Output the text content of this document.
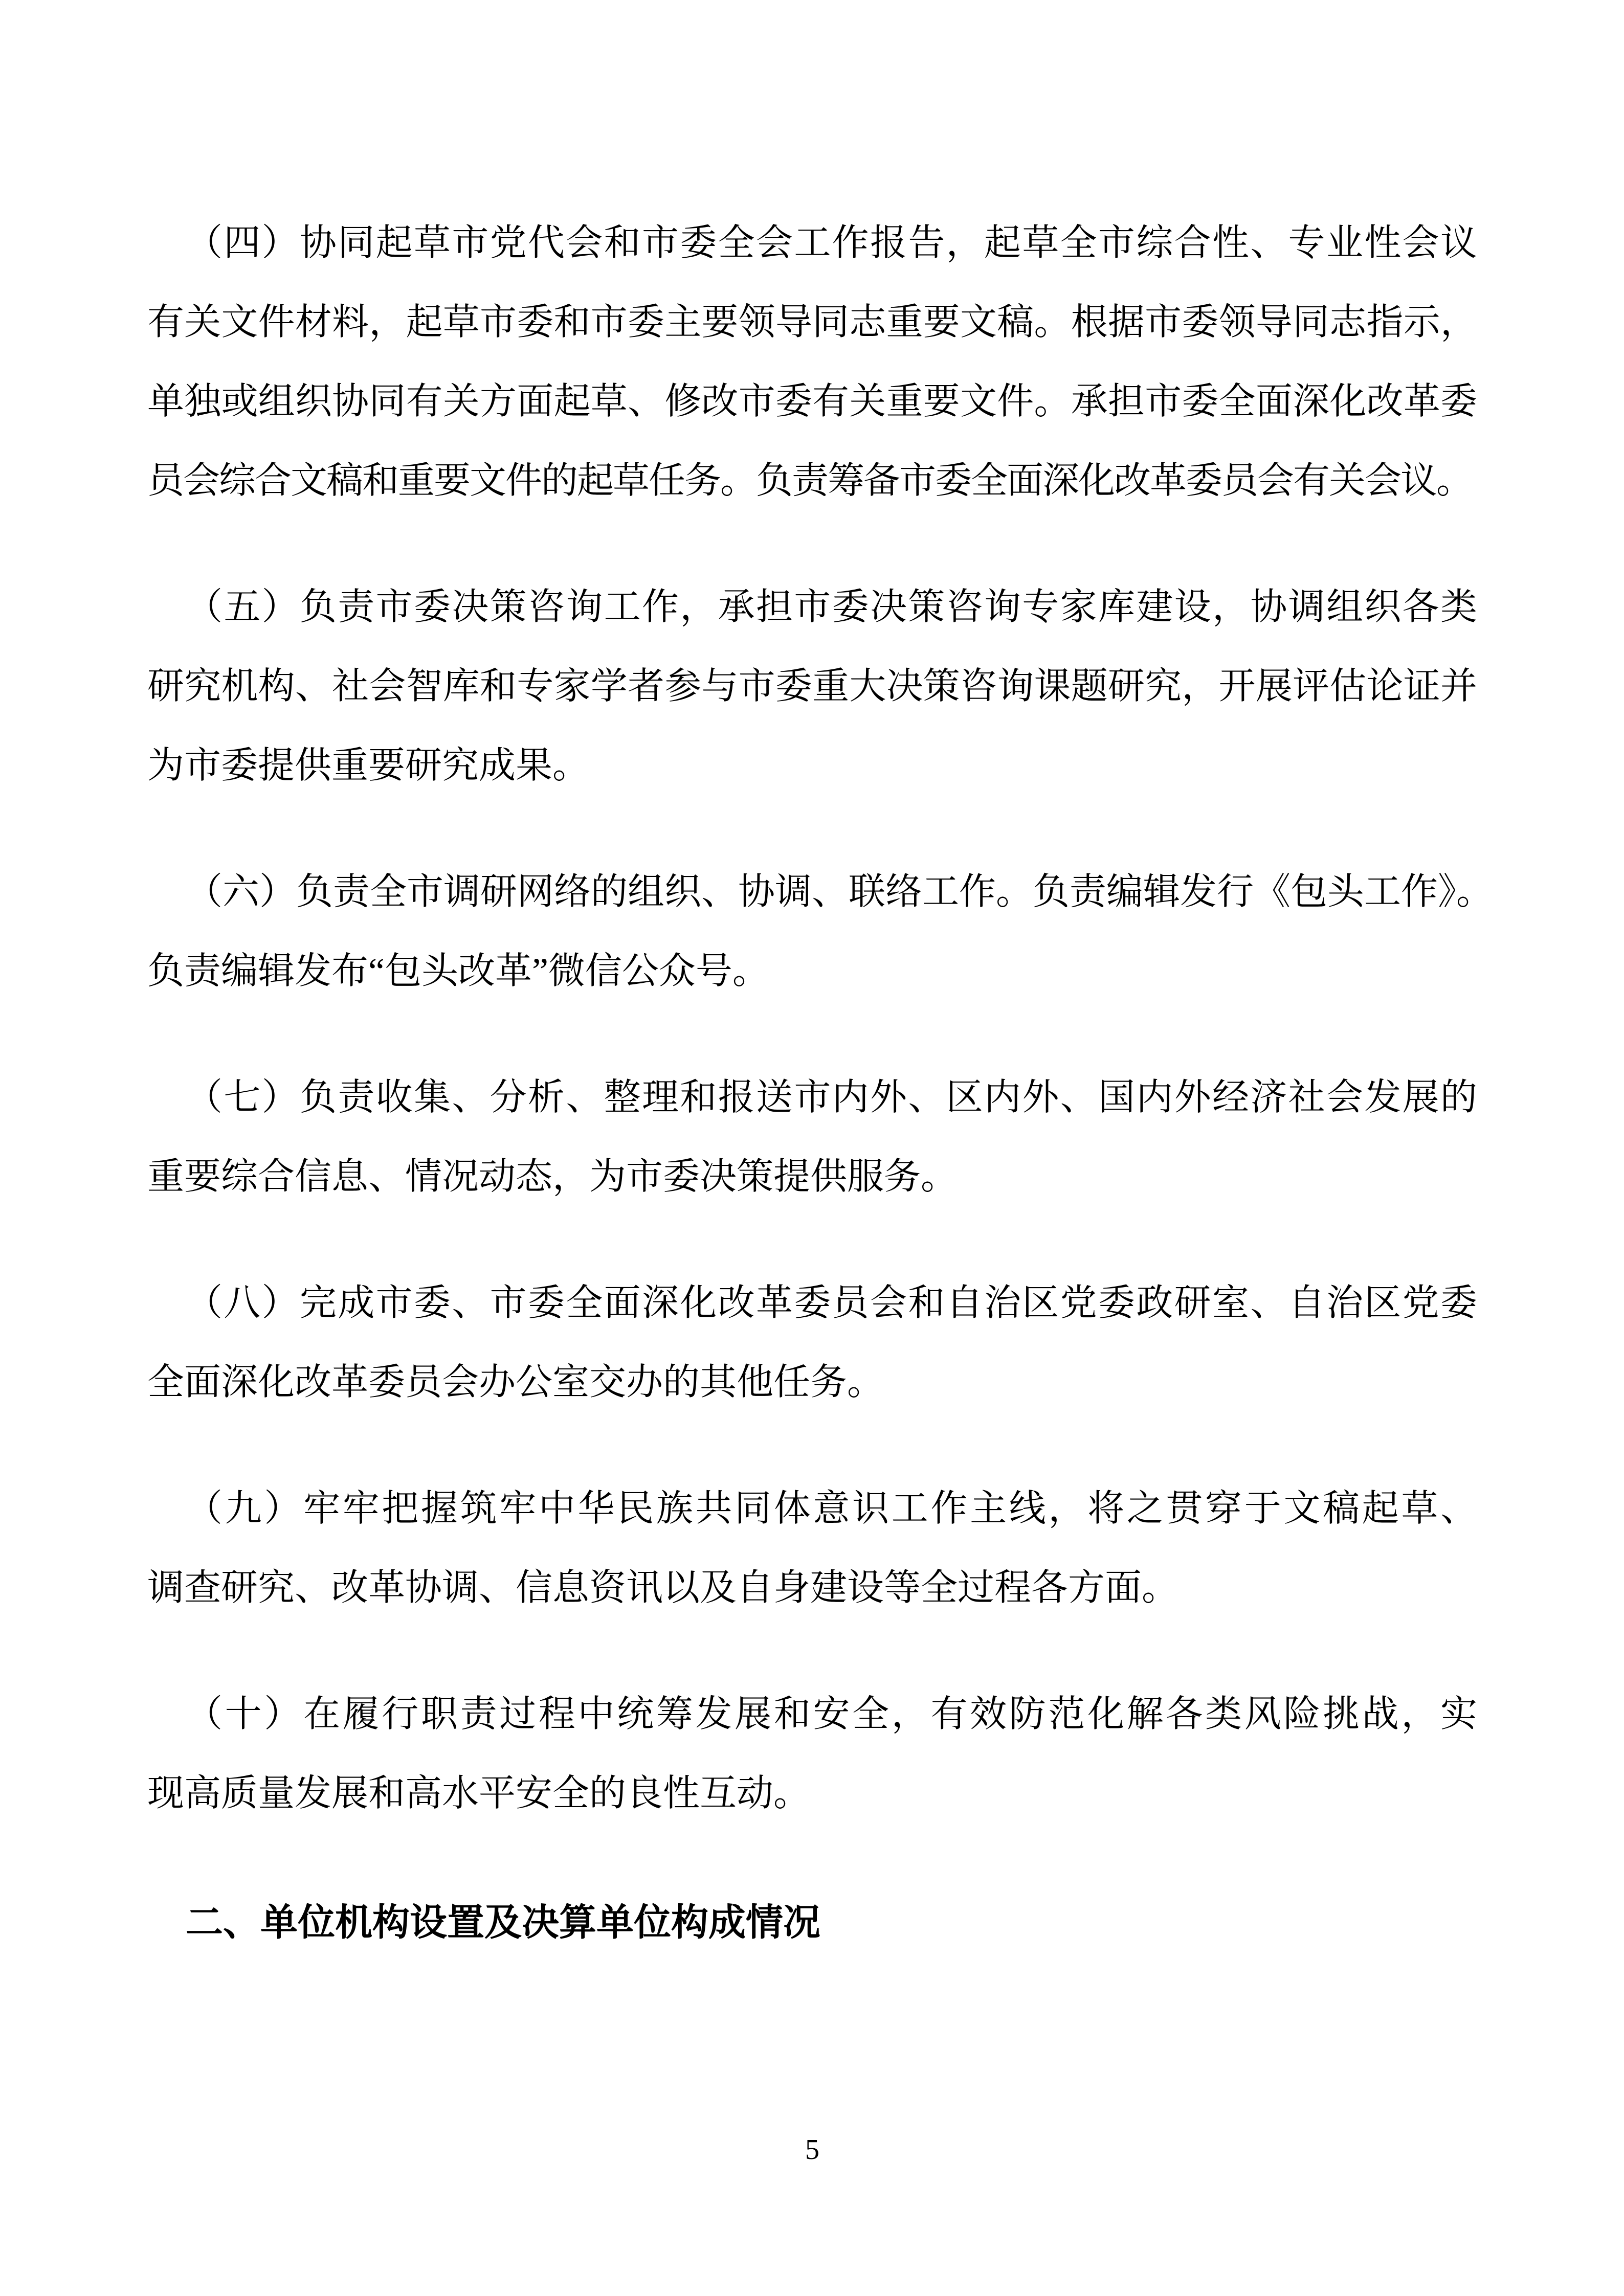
（四）协同起草市党代会和市委全会工作报告，起草全市综合性、专业性会议
有关文件材料，起草市委和市委主要领导同志重要文稿。根据市委领导同志指示，
单独或组织协同有关方面起草、修改市委有关重要文件。承担市委全面深化改革委
员会综合文稿和重要文件的起草任务。负责筹备市委全面深化改革委员会有关会议。
（五）负责市委决策咨询工作，承担市委决策咨询专家库建设，协调组织各类
研究机构、社会智库和专家学者参与市委重大决策咨询课题研究，开展评估论证并
为市委提供重要研究成果。
（六）负责全市调研网络的组织、协调、联络工作。负责编辑发行《包头工作》。
负责编辑发布“包头改革”微信公众号。
（七）负责收集、分析、整理和报送市内外、区内外、国内外经济社会发展的
重要综合信息、情况动态，为市委决策提供服务。
（八）完成市委、市委全面深化改革委员会和自治区党委政研室、自治区党委
全面深化改革委员会办公室交办的其他任务。
（九）牢牢把握筑牢中华民族共同体意识工作主线，将之贯穿于文稿起草、
调查研究、改革协调、信息资讯以及自身建设等全过程各方面。
（十）在履行职责过程中统筹发展和安全，有效防范化解各类风险挑战，实
现高质量发展和高水平安全的良性互动。
二、单位机构设置及决算单位构成情况
5
